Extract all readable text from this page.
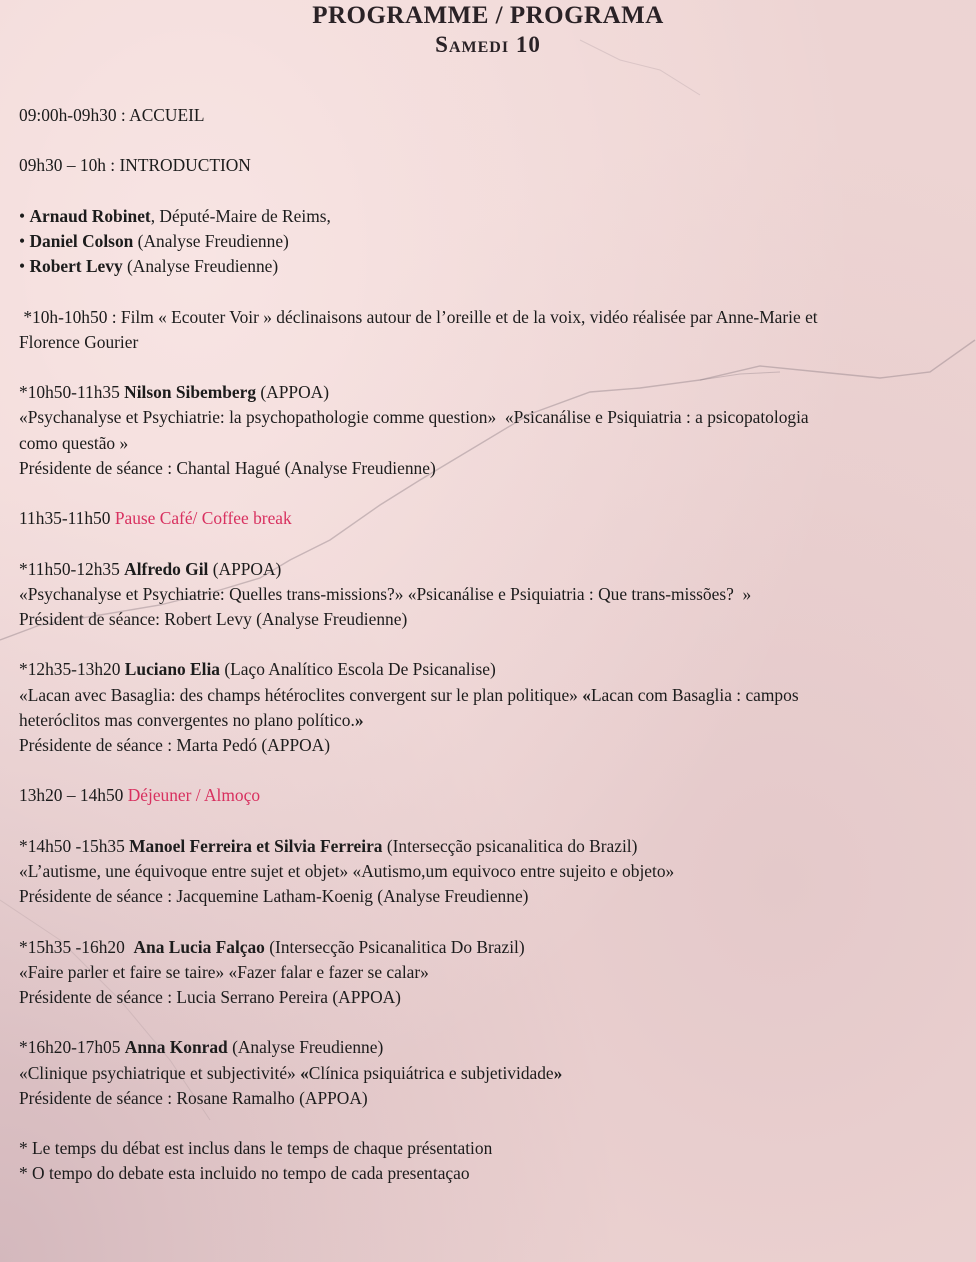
PROGRAMME / PROGRAMA
Samedi 10
09:00h-09h30 : ACCUEIL
09h30 – 10h : INTRODUCTION
• Arnaud Robinet, Député-Maire de Reims,
• Daniel Colson (Analyse Freudienne)
• Robert Levy (Analyse Freudienne)
*10h-10h50 : Film « Ecouter Voir » déclinaisons autour de l’oreille et de la voix, vidéo réalisée par Anne-Marie et
Florence Gourier
*10h50-11h35 Nilson Sibemberg (APPOA)
«Psychanalyse et Psychiatrie: la psychopathologie comme question»  «Psicanálise e Psiquiatria : a psicopatologia
como questão »
Présidente de séance : Chantal Hagué (Analyse Freudienne)
11h35-11h50 Pause Café/ Coffee break
*11h50-12h35 Alfredo Gil (APPOA)
«Psychanalyse et Psychiatrie: Quelles trans-missions?» «Psicanálise e Psiquiatria : Que trans-missões?  »
Président de séance: Robert Levy (Analyse Freudienne)
*12h35-13h20 Luciano Elia (Laço Analítico Escola De Psicanalise)
«Lacan avec Basaglia: des champs hétéroclites convergent sur le plan politique» «Lacan com Basaglia : campos
heteróclitos mas convergentes no plano político.»
Présidente de séance : Marta Pedó (APPOA)
13h20 – 14h50 Déjeuner / Almoço
*14h50 -15h35 Manoel Ferreira et Silvia Ferreira (Intersecção psicanalitica do Brazil)
«L’autisme, une équivoque entre sujet et objet» «Autismo,um equivoco entre sujeito e objeto»
Présidente de séance : Jacquemine Latham-Koenig (Analyse Freudienne)
*15h35 -16h20  Ana Lucia Falçao (Intersecção Psicanalitica Do Brazil)
«Faire parler et faire se taire» «Fazer falar e fazer se calar»
Présidente de séance : Lucia Serrano Pereira (APPOA)
*16h20-17h05 Anna Konrad (Analyse Freudienne)
«Clinique psychiatrique et subjectivité» «Clínica psiquiátrica e subjetividade»
Présidente de séance : Rosane Ramalho (APPOA)
* Le temps du débat est inclus dans le temps de chaque présentation
* O tempo do debate esta incluido no tempo de cada presentaçao
